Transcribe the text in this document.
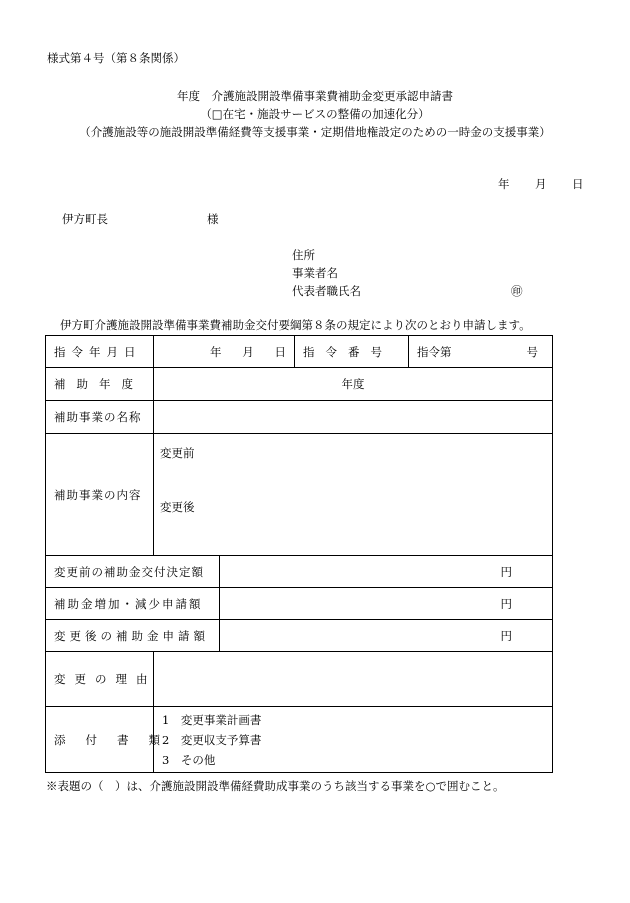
様式第４号（第８条関係）
年度　介護施設開設準備事業費補助金変更承認申請書
（□在宅・施設サービスの整備の加速化分）
（介護施設等の施設開設準備経費等支援事業・定期借地権設定のための一時金の支援事業）
年 月 日
伊方町長	様
住所
事業者名
代表者職氏名	㊞
伊方町介護施設開設準備事業費補助金交付要綱第８条の規定により次のとおり申請します。
指令年月日	年 月 日		指令番号	指令第 号

補助年度	年度			
補助事業の名称				
補助事業の内容	変更前
変更後			

変更前の補助金交付決定額		円		
補助金増加・減少申請額		円		
変更後の補助金申請額		円		
変更の理由				
添付書類	1　変更事業計画書
2　変更収支予算書
3　その他			
※表題の（　）は、介護施設開設準備経費助成事業のうち該当する事業を○で囲むこと。
